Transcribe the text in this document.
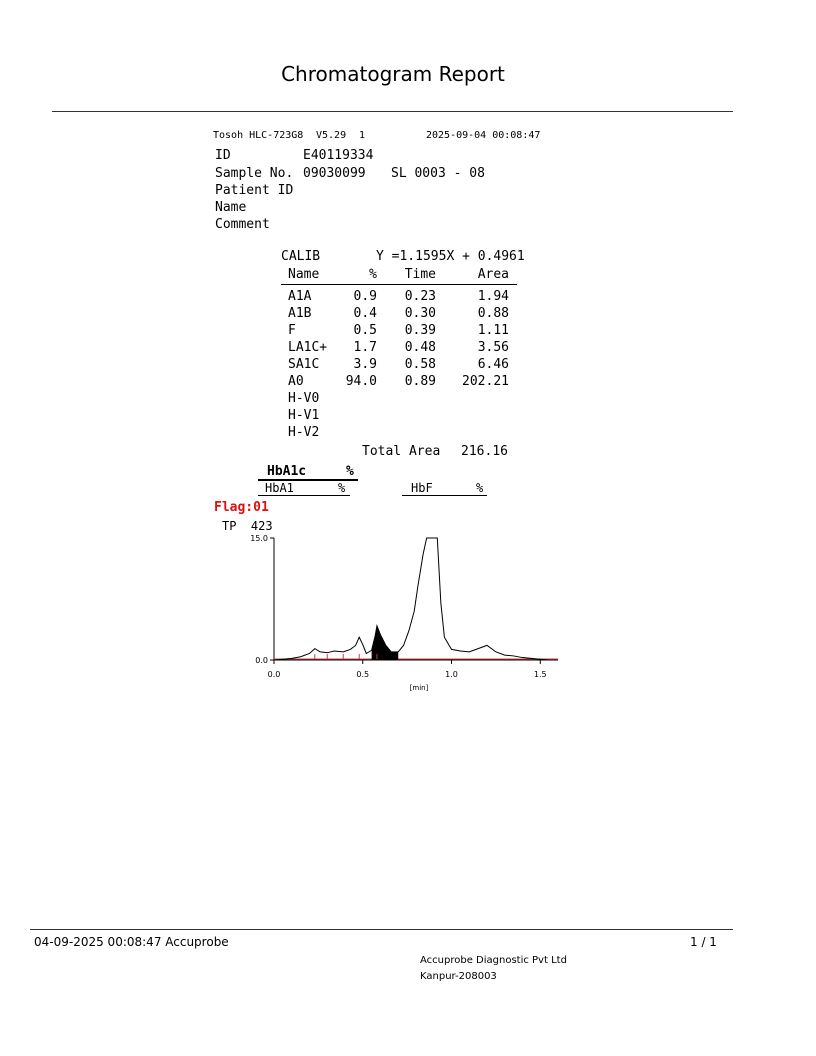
Chromatogram Report
Tosoh HLC-723G8 V5.29 1	2025-09-04 00:08:47
ID	E40119334
Sample No. 09030099 SL 0003 - 08
Patient ID
Name
Comment
CALIB	Y =1.1595X + 0.4961
Name	%	Time	Area
A1A	0.9	0.23	1.94
A1B	0.4	0.30	0.88
F	0.5	0.39	1.11
LA1C+	1.7	0.48	3.56
SA1C	3.9	0.58	6.46
A0	94.0	0.89	202.21
H-V0
H-V1
H-V2
Total Area	216.16
HbA1c	%
HbA1	%	HbF	%
Flag:01
TP  423
0.0	0.5	1.0	1.5
15.0
0.0
[min]
04-09-2025 00:08:47 Accuprobe	1 / 1
Accuprobe Diagnostic Pvt Ltd
Kanpur-208003
